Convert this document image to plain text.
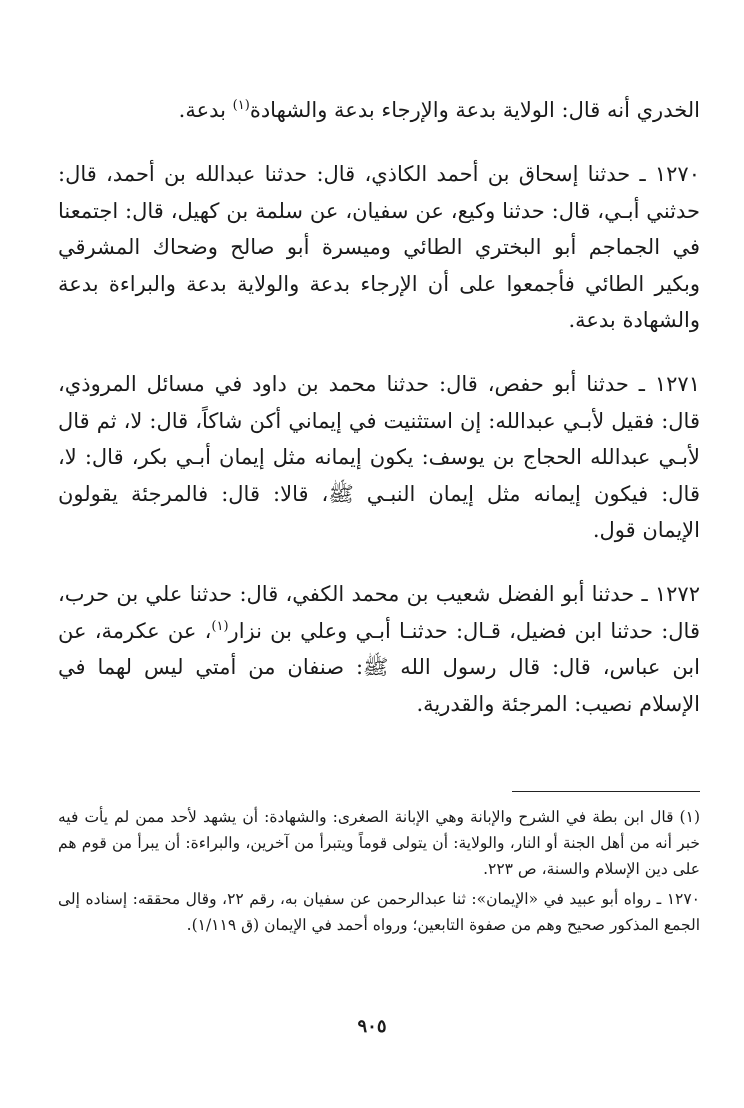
الخدري أنه قال: الولاية بدعة والإرجاء بدعة والشهادة$^{(١)}$ بدعة.

١٢٧٠ ـ حدثنا إسحاق بن أحمد الكاذي، قال: حدثنا عبدالله بن أحمد، قال: حدثني أبـي، قال: حدثنا وكيع، عن سفيان، عن سلمة بن كهيل، قال: اجتمعنا في الجماجم أبو البختري الطائي وميسرة أبو صالح وضحاك المشرقي وبكير الطائي فأجمعوا على أن الإرجاء بدعة والولاية بدعة والبراءة بدعة والشهادة بدعة.

١٢٧١ ـ حدثنا أبو حفص، قال: حدثنا محمد بن داود في مسائل المروذي، قال: فقيل لأبـي عبدالله: إن استثنيت في إيماني أكن شاكاً، قال: لا، ثم قال لأبـي عبدالله الحجاج بن يوسف: يكون إيمانه مثل إيمان أبـي بكر، قال: لا، قال: فيكون إيمانه مثل إيمان النبـي ﷺ، قالا: قال: فالمرجئة يقولون الإيمان قول.

١٢٧٢ ـ حدثنا أبو الفضل شعيب بن محمد الكفي، قال: حدثنا علي بن حرب، قال: حدثنا ابن فضيل، قـال: حدثنـا أبـي وعلي بن نزار$^{(١)}$، عن عكرمة، عن ابن عباس، قال: قال رسول الله ﷺ: صنفان من أمتي ليس لهما في الإسلام نصيب: المرجئة والقدرية.

(١) قال ابن بطة في الشرح والإبانة وهي الإبانة الصغرى: والشهادة: أن يشهد لأحد ممن لم يأت فيه خبر أنه من أهل الجنة أو النار، والولاية: أن يتولى قوماً ويتبرأ من آخرين، والبراءة: أن يبرأ من قوم هم على دين الإسلام والسنة، ص ٢٢٣.

١٢٧٠ ـ رواه أبو عبيد في «الإيمان»: ثنا عبدالرحمن عن سفيان به، رقم ٢٢، وقال محققه: إسناده إلى الجمع المذكور صحيح وهم من صفوة التابعين؛ ورواه أحمد في الإيمان (ق ١/١١٩).

٩٠٥
